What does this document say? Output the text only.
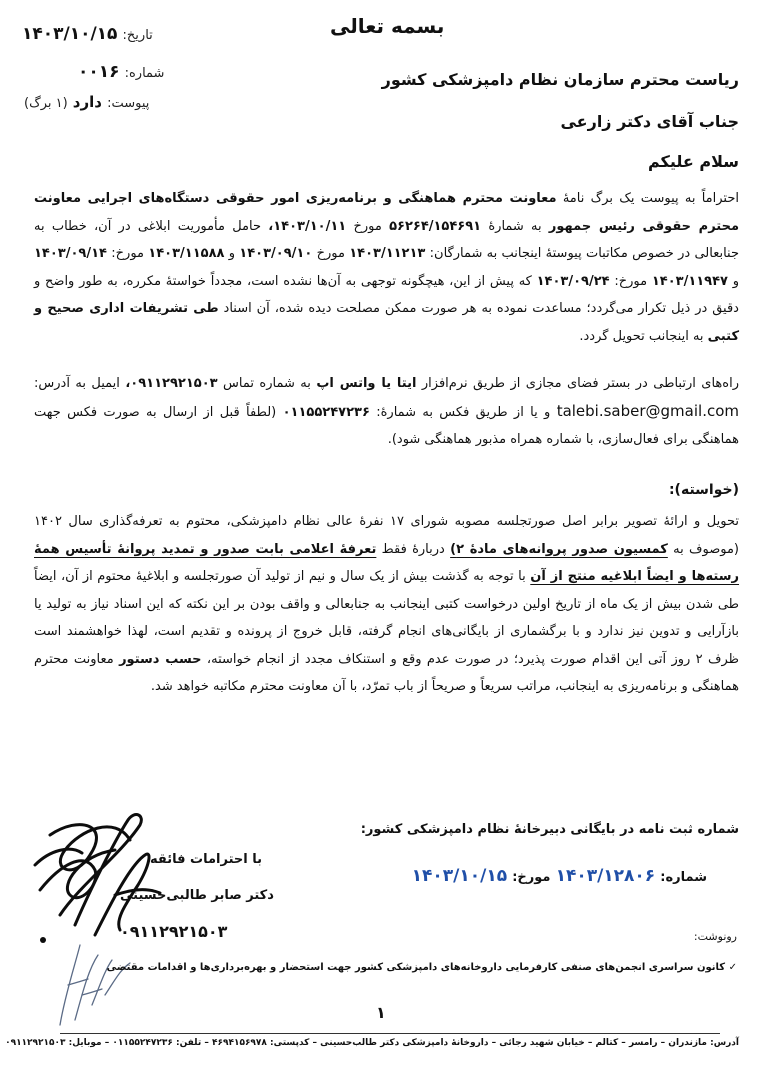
بسمه تعالی
تاریخ: ۱۴۰۳/۱۰/۱۵
شماره: ۰۰۱۶
پیوست: دارد (۱ برگ)
ریاست محترم سازمان نظام دامپزشکی کشور
جناب آقای دکتر زارعی
سلام علیکم
احتراماً به پیوست یک برگ نامهٔ معاونت محترم هماهنگی و برنامه‌ریزی امور حقوقی دستگاه‌های اجرایی معاونت محترم حقوقی رئیس جمهور به شمارهٔ ۵۶۲۶۴/۱۵۴۶۹۱ مورخ ۱۴۰۳/۱۰/۱۱، حامل مأموریت ابلاغی در آن، خطاب به جنابعالی در خصوص مکاتبات پیوستهٔ اینجانب به شمارگان: ۱۴۰۳/۱۱۲۱۳ مورخ ۱۴۰۳/۰۹/۱۰ و ۱۴۰۳/۱۱۵۸۸ مورخ: ۱۴۰۳/۰۹/۱۴ و ۱۴۰۳/۱۱۹۴۷ مورخ: ۱۴۰۳/۰۹/۲۴ که پیش از این، هیچگونه توجهی به آن‌ها نشده است، مجدداً خواستهٔ مکرره، به طور واضح و دقیق در ذیل تکرار می‌گردد؛ مساعدت نموده به هر صورت ممکن مصلحت دیده شده، آن اسناد طی تشریفات اداری صحیح و کتبی به اینجانب تحویل گردد.
راه‌های ارتباطی در بستر فضای مجازی از طریق نرم‌افزار ایتا یا واتس اپ به شماره تماس ۰۹۱۱۲۹۲۱۵۰۳، ایمیل به آدرس: talebi.saber@gmail.com و یا از طریق فکس به شمارهٔ: ۰۱۱۵۵۲۴۷۲۳۶ (لطفاً قبل از ارسال به صورت فکس جهت هماهنگی برای فعال‌سازی، با شماره همراه مذبور هماهنگی شود).
(خواسته):
تحویل و ارائهٔ تصویر برابر اصل صورتجلسه مصوبه شورای ۱۷ نفرهٔ عالی نظام دامپزشکی، محتوم به تعرفه‌گذاری سال ۱۴۰۲ (موصوف به کمسیون صدور پروانه‌های مادهٔ ۲) دربارهٔ فقط تعرفهٔ اعلامی بابت صدور و تمدید پروانهٔ تأسیس همهٔ رسته‌ها و ایضاً ابلاغیه منتج از آن با توجه به گذشت بیش از یک سال و نیم از تولید آن صورتجلسه و ابلاغیهٔ محتوم از آن، ایضاً طی شدن بیش از یک ماه از تاریخ اولین درخواست کتبی اینجانب به جنابعالی و واقف بودن بر این نکته که این اسناد نیاز به تولید یا بازآرایی و تدوین نیز ندارد و با برگشماری از بایگانی‌های انجام گرفته، قابل خروج از پرونده و تقدیم است، لهذا خواهشمند است ظرف ۲ روز آتی این اقدام صورت پذیرد؛ در صورت عدم وقع و استنکاف مجدد از انجام خواسته، حسب دستور معاونت محترم هماهنگی و برنامه‌ریزی به اینجانب، مراتب سریعاً و صریحاً از باب تمرّد، با آن معاونت محترم مکاتبه خواهد شد.
شماره ثبت نامه در بایگانی دبیرخانهٔ نظام دامپزشکی کشور:
شماره: ۱۴۰۳/۱۲۸۰۶ مورخ: ۱۴۰۳/۱۰/۱۵
با احترامات فائقه
دکتر صابر طالبی‌حسینی
۰۹۱۱۲۹۲۱۵۰۳	رونوشت:
✓ کانون سراسری انجمن‌های صنفی کارفرمایی داروخانه‌های دامپزشکی کشور جهت استحضار و بهره‌برداری‌ها و اقدامات مقتضی
۱
آدرس: مازندران – رامسر – کتالم – خیابان شهید رجائی – داروخانهٔ دامپزشکی دکتر طالب‌حسینی – کدپستی: ۴۶۹۴۱۵۶۹۷۸ – تلفن: ۰۱۱۵۵۲۴۷۲۳۶ – موبایل: ۰۹۱۱۲۹۲۱۵۰۳
